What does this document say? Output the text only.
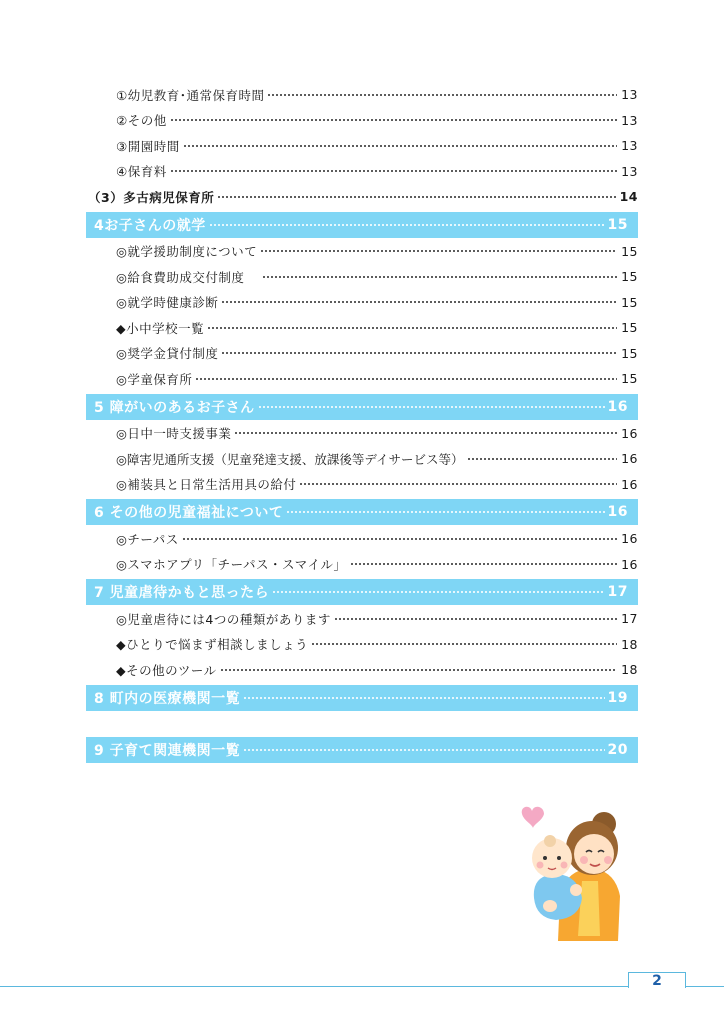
①幼児教育･通常保育時間	13
②その他	13
③開園時間	13
④保育料	13
（3）多古病児保育所	14
4お子さんの就学	15
◎就学援助制度について	15
◎給食費助成交付制度	15
◎就学時健康診断	15
◆小中学校一覧	15
◎奨学金貸付制度	15
◎学童保育所	15
5 障がいのあるお子さん	16
◎日中一時支援事業	16
◎障害児通所支援（児童発達支援、放課後等デイサービス等）	16
◎補装具と日常生活用具の給付	16
6 その他の児童福祉について	16
◎チーパス	16
◎スマホアプリ「チーパス・スマイル」	16
7 児童虐待かもと思ったら	17
◎児童虐待には4つの種類があります	17
◆ひとりで悩まず相談しましょう	18
◆その他のツール	18
8 町内の医療機関一覧	19
9 子育て関連機関一覧	20
2
